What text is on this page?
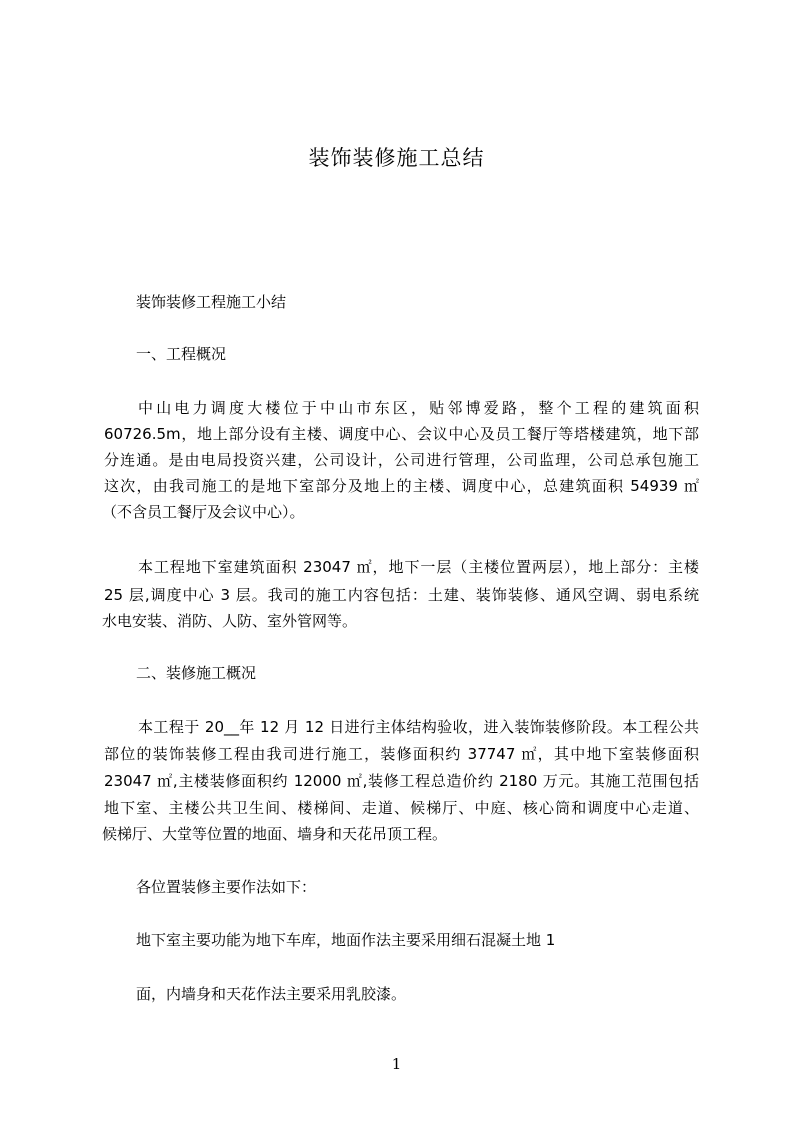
装饰装修施工总结
装饰装修工程施工小结
一、工程概况
中山电力调度大楼位于中山市东区，贴邻博爱路，整个工程的建筑面积
60726.5m，地上部分设有主楼、调度中心、会议中心及员工餐厅等塔楼建筑，地下部
分连通。是由电局投资兴建，公司设计，公司进行管理，公司监理，公司总承包施工
这次，由我司施工的是地下室部分及地上的主楼、调度中心，总建筑面积 54939 ㎡
（不含员工餐厅及会议中心）。
本工程地下室建筑面积 23047 ㎡，地下一层（主楼位置两层），地上部分：主楼
25 层,调度中心 3 层。我司的施工内容包括：土建、装饰装修、通风空调、弱电系统
水电安装、消防、人防、室外管网等。
二、装修施工概况
本工程于 20__年 12 月 12 日进行主体结构验收，进入装饰装修阶段。本工程公共
部位的装饰装修工程由我司进行施工，装修面积约 37747 ㎡，其中地下室装修面积
23047 ㎡,主楼装修面积约 12000 ㎡,装修工程总造价约 2180 万元。其施工范围包括
地下室、主楼公共卫生间、楼梯间、走道、候梯厅、中庭、核心筒和调度中心走道、
候梯厅、大堂等位置的地面、墙身和天花吊顶工程。
各位置装修主要作法如下：
地下室主要功能为地下车库，地面作法主要采用细石混凝土地 1
面，内墙身和天花作法主要采用乳胶漆。
1
